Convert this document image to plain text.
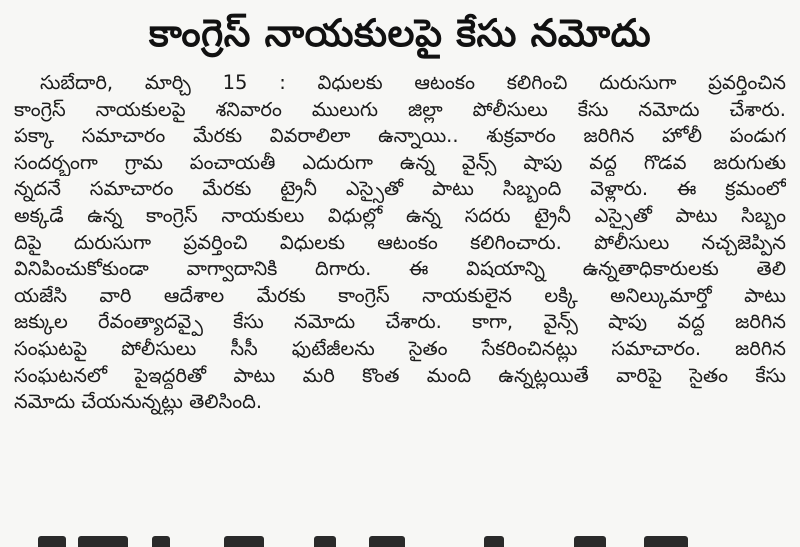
కాంగ్రెస్ నాయకులపై కేసు నమోదు
సుబేదారి, మార్చి 15 : విధులకు ఆటంకం కలిగించి దురుసుగా ప్రవర్తించిన
కాంగ్రెస్ నాయకులపై శనివారం ములుగు జిల్లా పోలీసులు కేసు నమోదు చేశారు.
పక్కా సమాచారం మేరకు వివరాలిలా ఉన్నాయి.. శుక్రవారం జరిగిన హోలీ పండుగ
సందర్భంగా గ్రామ పంచాయతీ ఎదురుగా ఉన్న వైన్స్ షాపు వద్ద గొడవ జరుగుతు
న్నదనే సమాచారం మేరకు ట్రైనీ ఎస్సైతో పాటు సిబ్బంది వెళ్లారు. ఈ క్రమంలో
అక్కడే ఉన్న కాంగ్రెస్ నాయకులు విధుల్లో ఉన్న సదరు ట్రైనీ ఎస్సైతో పాటు సిబ్బం
దిపై దురుసుగా ప్రవర్తించి విధులకు ఆటంకం కలిగించారు. పోలీసులు నచ్చజెప్పిన
వినిపించుకోకుండా వాగ్వాదానికి దిగారు. ఈ విషయాన్ని ఉన్నతాధికారులకు తెలి
యజేసి వారి ఆదేశాల మేరకు కాంగ్రెస్ నాయకులైన లక్కి అనిల్కుమార్తో పాటు
జక్కుల రేవంత్యాదవ్పై కేసు నమోదు చేశారు. కాగా, వైన్స్ షాపు వద్ద జరిగిన
సంఘటపై పోలీసులు సీసీ ఫుటేజీలను సైతం సేకరించినట్లు సమాచారం. జరిగిన
సంఘటనలో పైఇద్దరితో పాటు మరి కొంత మంది ఉన్నట్లయితే వారిపై సైతం కేసు
నమోదు చేయనున్నట్లు తెలిసింది.
